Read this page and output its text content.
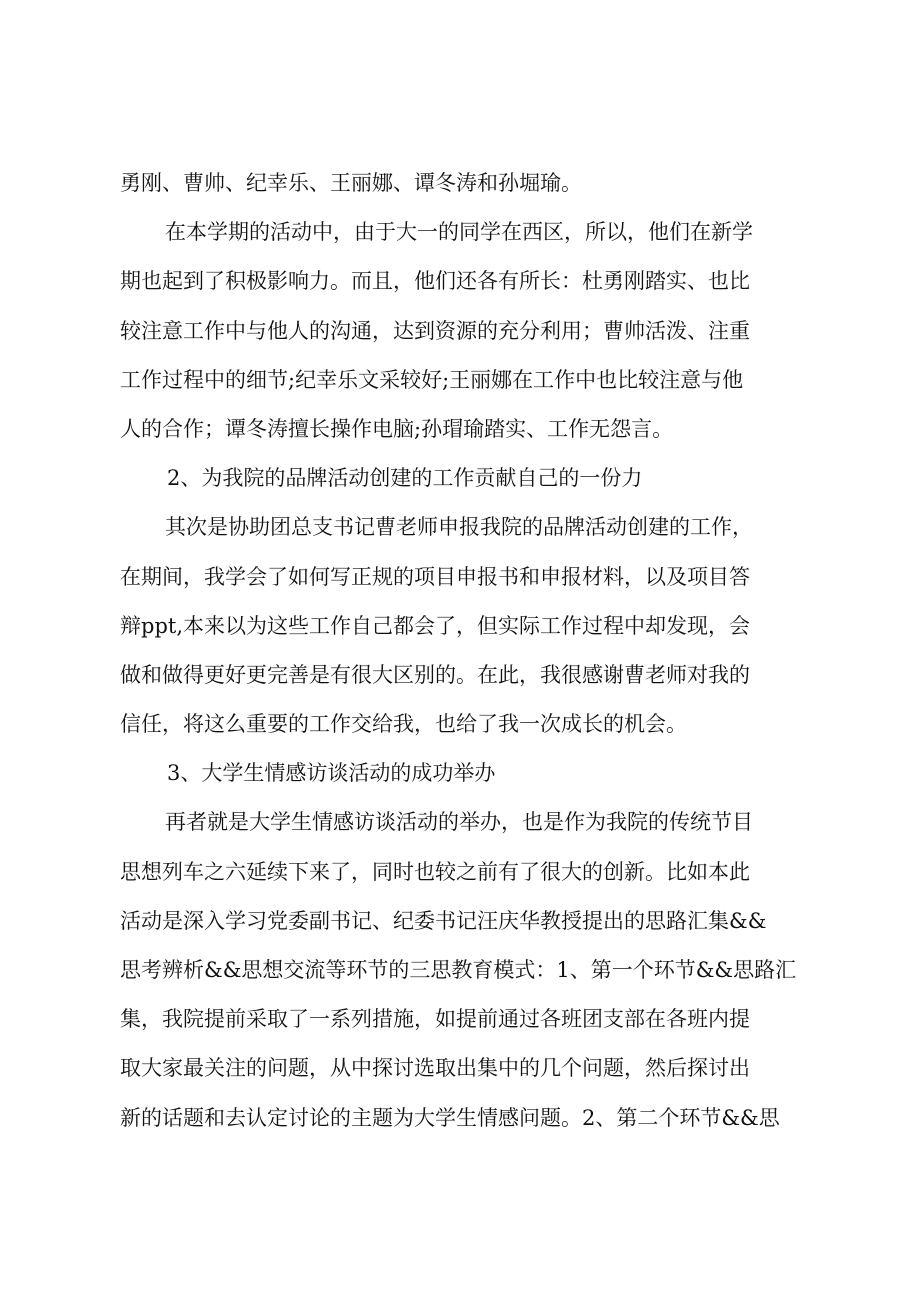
勇刚、曹帅、纪幸乐、王丽娜、谭冬涛和孙堀瑜。
在本学期的活动中，由于大一的同学在西区，所以，他们在新学
期也起到了积极影响力。而且，他们还各有所长：杜勇刚踏实、也比
较注意工作中与他人的沟通，达到资源的充分利用；曹帅活泼、注重
工作过程中的细节;纪幸乐文采较好;王丽娜在工作中也比较注意与他
人的合作；谭冬涛擅长操作电脑;孙瑁瑜踏实、工作无怨言。
2、为我院的品牌活动创建的工作贡献自己的一份力
其次是协助团总支书记曹老师申报我院的品牌活动创建的工作，
在期间，我学会了如何写正规的项目申报书和申报材料，以及项目答
辩ppt,本来以为这些工作自己都会了，但实际工作过程中却发现，会
做和做得更好更完善是有很大区别的。在此，我很感谢曹老师对我的
信任，将这么重要的工作交给我，也给了我一次成长的机会。
3、大学生情感访谈活动的成功举办
再者就是大学生情感访谈活动的举办，也是作为我院的传统节目
思想列车之六延续下来了，同时也较之前有了很大的创新。比如本此
活动是深入学习党委副书记、纪委书记汪庆华教授提出的思路汇集&&
思考辨析&&思想交流等环节的三思教育模式：1、第一个环节&&思路汇
集，我院提前采取了一系列措施，如提前通过各班团支部在各班内提
取大家最关注的问题，从中探讨选取出集中的几个问题，然后探讨出
新的话题和去认定讨论的主题为大学生情感问题。2、第二个环节&&思
